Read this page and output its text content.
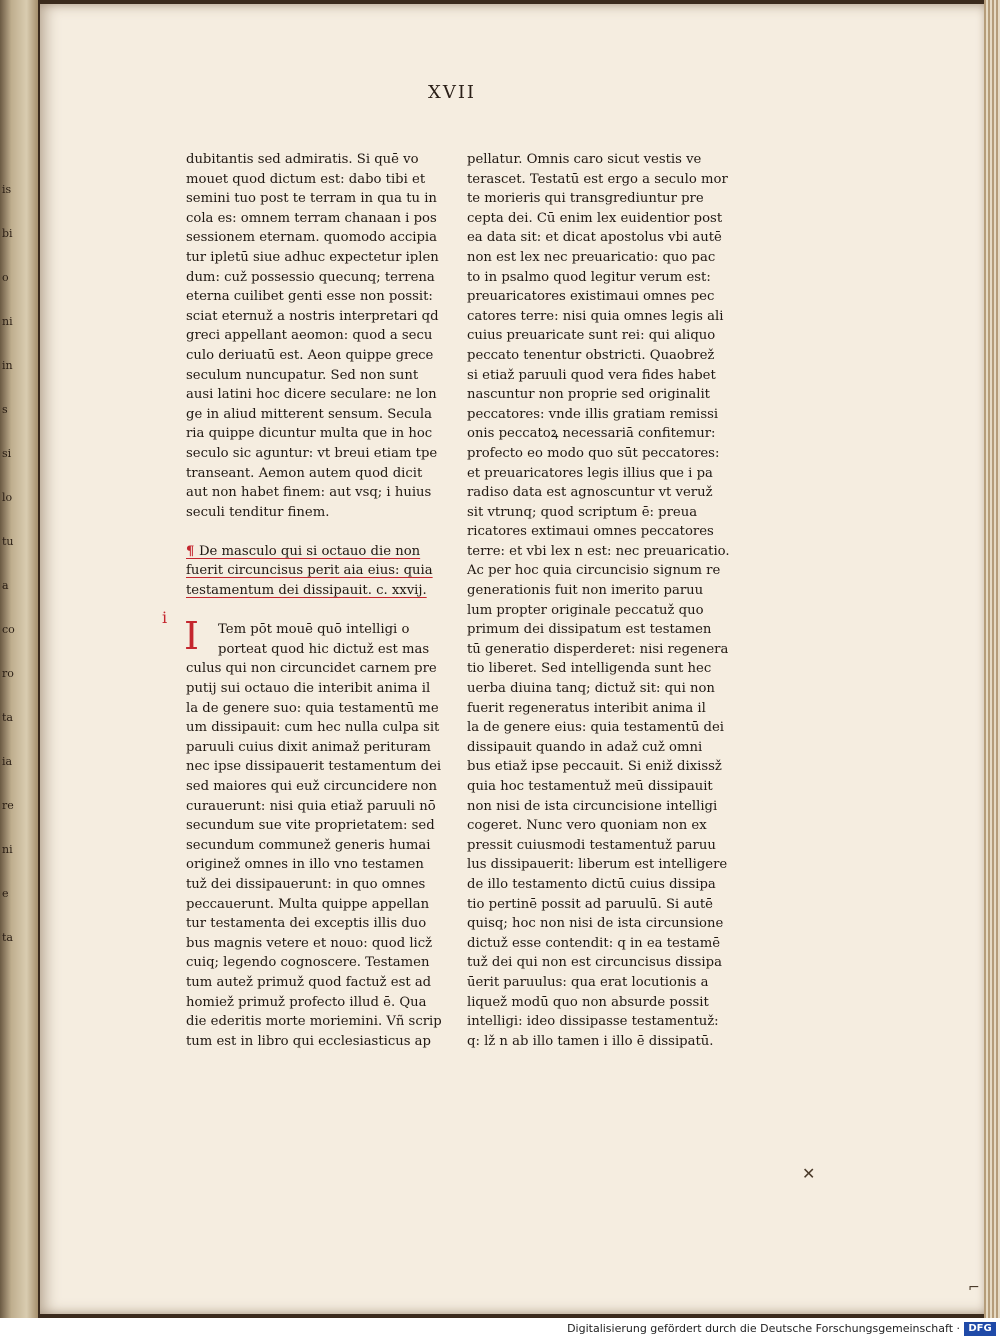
is
bi
o
ni
in
s
si
lo
tu
a
co
ro
ta
ia
re
ni
e
ta
XVII
dubitantis sed admiratis. Si quē vo
mouet quod dictum est: dabo tibi et
semini tuo post te terram in qua tu in
cola es: omnem terram chanaan i pos
sessionem eternam. quomodo accipia
tur ipletū siue adhuc expectetur iplen
dum: cuž possessio quecunq; terrena
eterna cuilibet genti esse non possit:
sciat eternuž a nostris interpretari qd
greci appellant aeomon: quod a secu
culo deriuatū est. Aeon quippe grece
seculum nuncupatur. Sed non sunt
ausi latini hoc dicere seculare: ne lon
ge in aliud mitterent sensum. Secula
ria quippe dicuntur multa que in hoc
seculo sic aguntur: vt breui etiam tpe
transeant. Aemon autem quod dicit
aut non habet finem: aut vsq; i huius
seculi tenditur finem.
¶ De masculo qui si octauo die non
fuerit circuncisus perit aia eius: quia
testamentum dei dissipauit. c. xxvij.
Tem pōt mouē quō intelligi o
porteat quod hic dictuž est mas
culus qui non circuncidet carnem pre
putij sui octauo die interibit anima il
la de genere suo: quia testamentū me
um dissipauit: cum hec nulla culpa sit
paruuli cuius dixit animaž perituram
nec ipse dissipauerit testamentum dei
sed maiores qui euž circuncidere non
curauerunt: nisi quia etiaž paruuli nō
secundum sue vite proprietatem: sed
secundum communež generis humai
originež omnes in illo vno testamen
tuž dei dissipauerunt: in quo omnes
peccauerunt. Multa quippe appellan
tur testamenta dei exceptis illis duo
bus magnis vetere et nouo: quod licž
cuiq; legendo cognoscere. Testamen
tum autež primuž quod factuž est ad
homiež primuž profecto illud ē. Qua
die ederitis morte moriemini. Vñ scrip
tum est in libro qui ecclesiasticus ap
I
pellatur. Omnis caro sicut vestis ve
terascet. Testatū est ergo a seculo mor
te morieris qui transgrediuntur pre
cepta dei. Cū enim lex euidentior post
ea data sit: et dicat apostolus vbi autē
non est lex nec preuaricatio: quo pac
to in psalmo quod legitur verum est:
preuaricatores existimaui omnes pec
catores terre: nisi quia omnes legis ali
cuius preuaricate sunt rei: qui aliquo
peccato tenentur obstricti. Quaobrež
si etiaž paruuli quod vera fides habet
nascuntur non proprie sed originalit
peccatores: vnde illis gratiam remissi
onis peccatoꝝ necessariā confitemur:
profecto eo modo quo sūt peccatores:
et preuaricatores legis illius que i pa
radiso data est agnoscuntur vt veruž
sit vtrunq; quod scriptum ē: preua
ricatores extimaui omnes peccatores
terre: et vbi lex n est: nec preuaricatio.
Ac per hoc quia circuncisio signum re
generationis fuit non imerito paruu
lum propter originale peccatuž quo
primum dei dissipatum est testamen
tū generatio disperderet: nisi regenera
tio liberet. Sed intelligenda sunt hec
uerba diuina tanq; dictuž sit: qui non
fuerit regeneratus interibit anima il
la de genere eius: quia testamentū dei
dissipauit quando in adaž cuž omni
bus etiaž ipse peccauit. Si eniž dixissž
quia hoc testamentuž meū dissipauit
non nisi de ista circuncisione intelligi
cogeret. Nunc vero quoniam non ex
pressit cuiusmodi testamentuž paruu
lus dissipauerit: liberum est intelligere
de illo testamento dictū cuius dissipa
tio pertinē possit ad paruulū. Si autē
quisq; hoc non nisi de ista circunsione
dictuž esse contendit: q in ea testamē
tuž dei qui non est circuncisus dissipa
ūerit paruulus: qua erat locutionis a
liquež modū quo non absurde possit
intelligi: ideo dissipasse testamentuž:
q: lž n ab illo tamen i illo ē dissipatū.
i
✕
⌐
Digitalisierung gefördert durch die Deutsche Forschungsgemeinschaft · DFG
